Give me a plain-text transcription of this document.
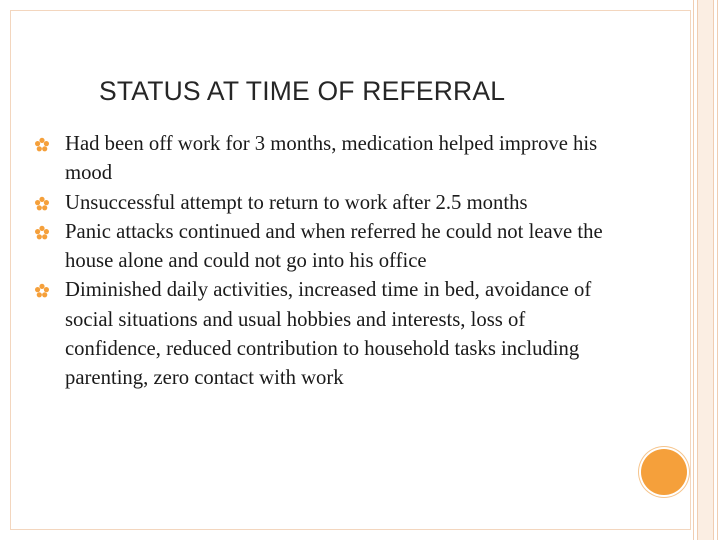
STATUS AT TIME OF REFERRAL
Had been off work for 3 months, medication helped improve his mood
Unsuccessful attempt to return to work after 2.5 months
Panic attacks continued and when referred he could not leave the house alone and could not go into his office
Diminished daily activities, increased time in bed, avoidance of social situations and usual hobbies and interests, loss of confidence, reduced contribution to household tasks including parenting, zero contact with work
